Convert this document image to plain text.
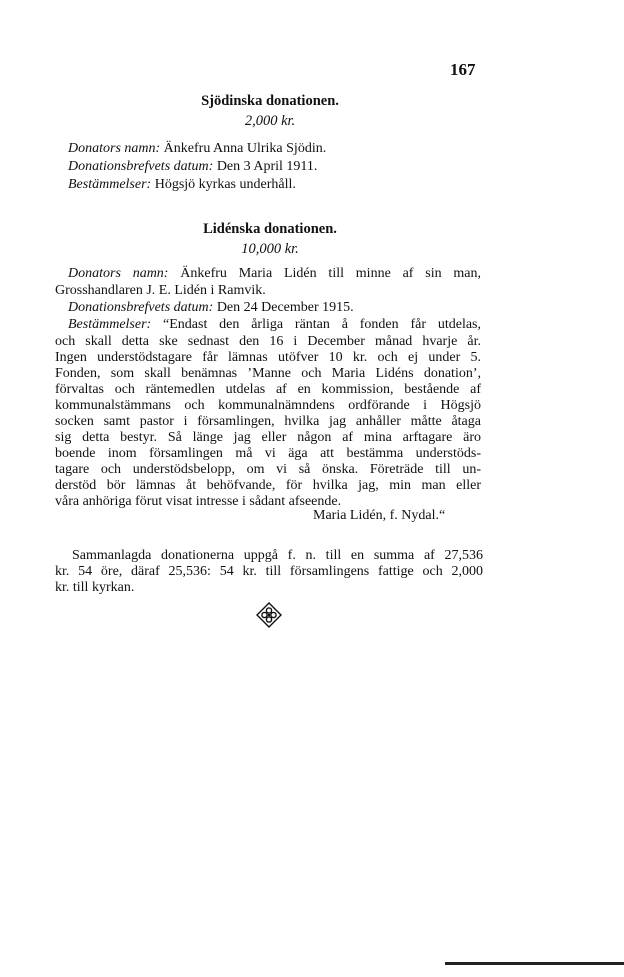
167
Sjödinska donationen.
2,000 kr.
Donators namn: Änkefru Anna Ulrika Sjödin.
Donationsbrefvets datum: Den 3 April 1911.
Bestämmelser: Högsjö kyrkas underhåll.
Lidénska donationen.
10,000 kr.
Donators namn: Änkefru Maria Lidén till minne af sin man,
Grosshandlaren J. E. Lidén i Ramvik.
Donationsbrefvets datum: Den 24 December 1915.
Bestämmelser: “Endast den årliga räntan å fonden får utdelas,
och skall detta ske sednast den 16 i December månad hvarje år.
Ingen understödstagare får lämnas utöfver 10 kr. och ej under 5.
Fonden, som skall benämnas ’Manne och Maria Lidéns donation’,
förvaltas och räntemedlen utdelas af en kommission, bestående af
kommunalstämmans och kommunalnämndens ordförande i Högsjö
socken samt pastor i församlingen, hvilka jag anhåller måtte åtaga
sig detta bestyr. Så länge jag eller någon af mina arftagare äro
boende inom församlingen må vi äga att bestämma understöds-
tagare och understödsbelopp, om vi så önska. Företräde till un-
derstöd bör lämnas åt behöfvande, för hvilka jag, min man eller
våra anhöriga förut visat intresse i sådant afseende.
Maria Lidén, f. Nydal.“
Sammanlagda donationerna uppgå f. n. till en summa af 27,536
kr. 54 öre, däraf 25,536: 54 kr. till församlingens fattige och 2,000
kr. till kyrkan.
